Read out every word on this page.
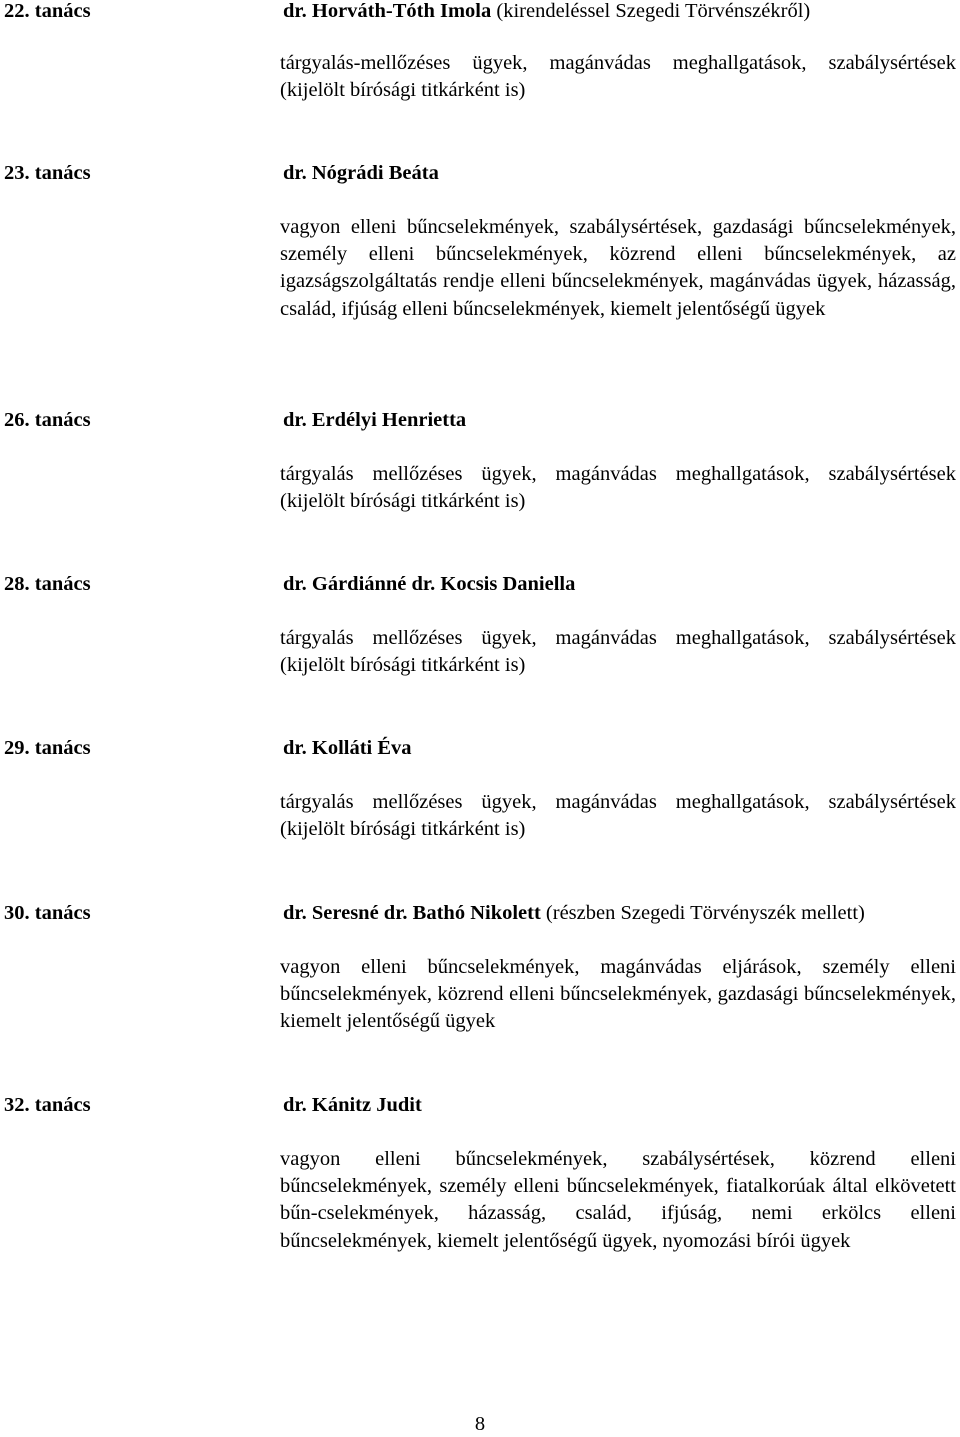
22. tanács	dr. Horváth-Tóth Imola (kirendeléssel Szegedi Törvénszékről)

tárgyalás-mellőzéses ügyek, magánvádas meghallgatások, szabálysértések (kijelölt bírósági titkárként is)

23. tanács	dr. Nógrádi Beáta

vagyon elleni bűncselekmények, szabálysértések, gazdasági bűncselekmények, személy elleni bűncselekmények, közrend elleni bűncselekmények, az igazságszolgáltatás rendje elleni bűncselekmények, magánvádas ügyek, házasság, család, ifjúság elleni bűncselekmények, kiemelt jelentőségű ügyek

26. tanács	dr. Erdélyi Henrietta

tárgyalás mellőzéses ügyek, magánvádas meghallgatások, szabálysértések (kijelölt bírósági titkárként is)

28. tanács	dr. Gárdiánné dr. Kocsis Daniella

tárgyalás mellőzéses ügyek, magánvádas meghallgatások, szabálysértések (kijelölt bírósági titkárként is)

29. tanács	dr. Kolláti Éva

tárgyalás mellőzéses ügyek, magánvádas meghallgatások, szabálysértések (kijelölt bírósági titkárként is)

30. tanács	dr. Seresné dr. Bathó Nikolett (részben Szegedi Törvényszék mellett)

vagyon elleni bűncselekmények, magánvádas eljárások, személy elleni bűncselekmények, közrend elleni bűncselekmények, gazdasági bűncselekmények, kiemelt jelentőségű ügyek

32. tanács	dr. Kánitz Judit

vagyon elleni bűncselekmények, szabálysértések, közrend elleni bűncselekmények, személy elleni bűncselekmények, fiatalkorúak által elkövetett bűn-cselekmények, házasság, család, ifjúság, nemi erkölcs elleni bűncselekmények, kiemelt jelentőségű ügyek, nyomozási bírói ügyek

8
